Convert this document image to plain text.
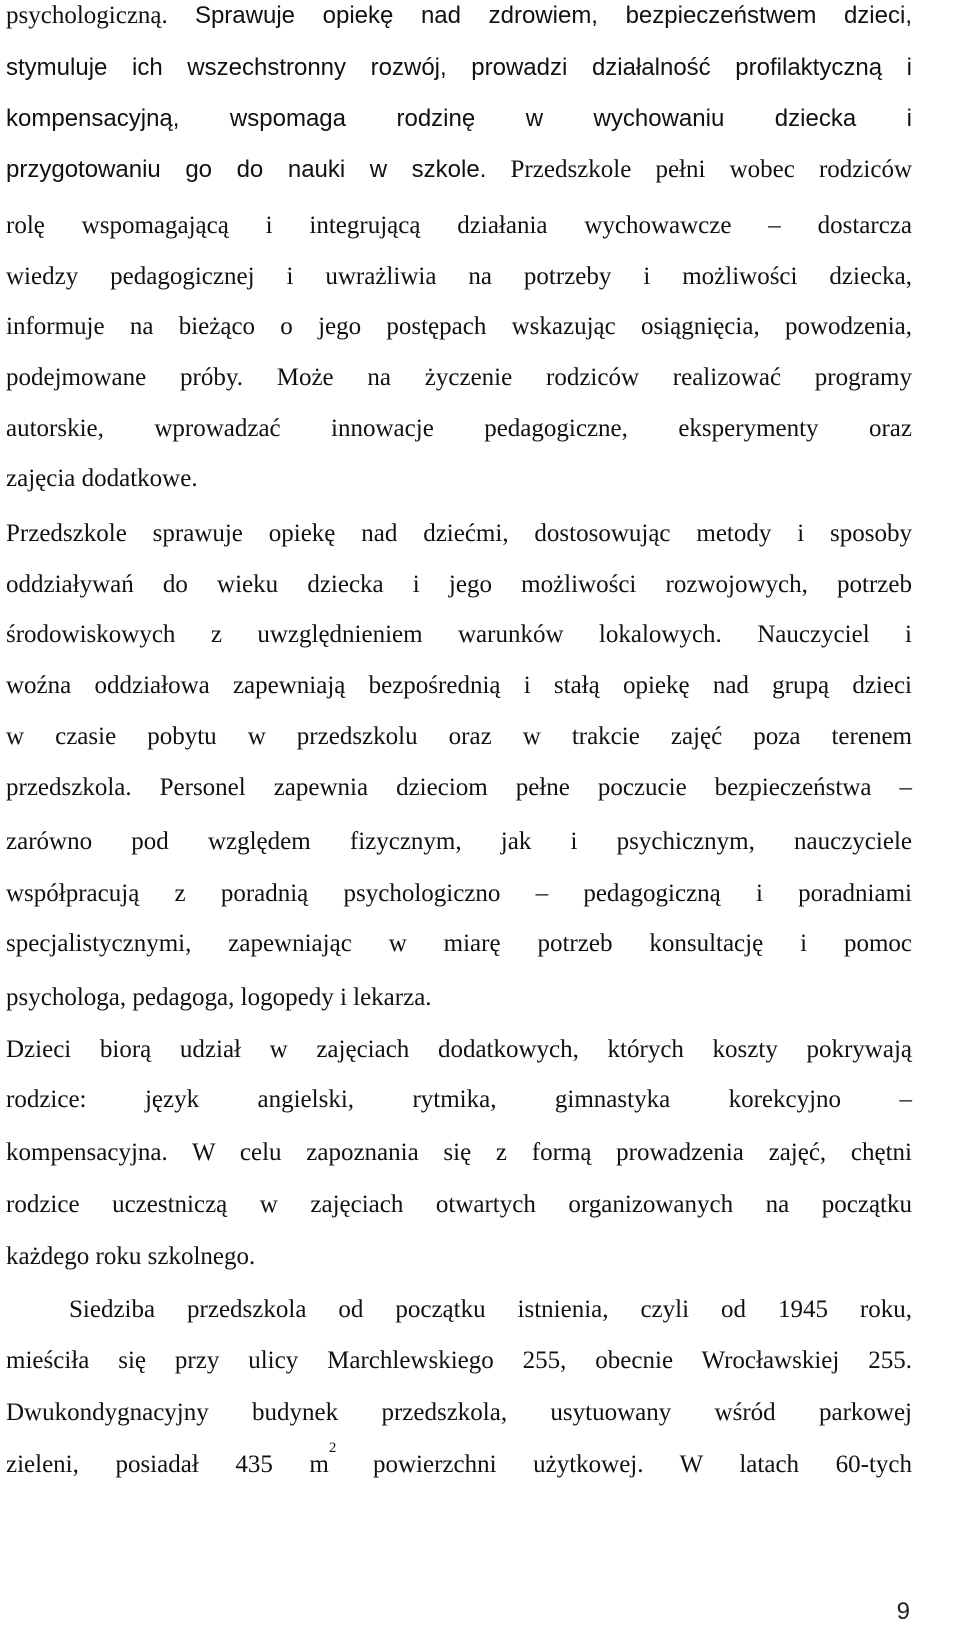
psychologiczną. Sprawuje opiekę nad zdrowiem, bezpieczeństwem dzieci,
stymuluje ich wszechstronny rozwój, prowadzi działalność profilaktyczną i
kompensacyjną, wspomaga rodzinę w wychowaniu dziecka i
przygotowaniu go do nauki w szkole. Przedszkole pełni wobec rodziców
rolę wspomagającą i integrującą działania wychowawcze – dostarcza
wiedzy pedagogicznej i uwrażliwia na potrzeby i możliwości dziecka,
informuje na bieżąco o jego postępach wskazując osiągnięcia, powodzenia,
podejmowane próby. Może na życzenie rodziców realizować programy
autorskie, wprowadzać innowacje pedagogiczne, eksperymenty oraz
zajęcia dodatkowe.
Przedszkole sprawuje opiekę nad dziećmi, dostosowując metody i sposoby
oddziaływań do wieku dziecka i jego możliwości rozwojowych, potrzeb
środowiskowych z uwzględnieniem warunków lokalowych. Nauczyciel i
woźna oddziałowa zapewniają bezpośrednią i stałą opiekę nad grupą dzieci
w czasie pobytu w przedszkolu oraz w trakcie zajęć poza terenem
przedszkola. Personel zapewnia dzieciom pełne poczucie bezpieczeństwa –
zarówno pod względem fizycznym, jak i psychicznym, nauczyciele
współpracują z poradnią psychologiczno – pedagogiczną i poradniami
specjalistycznymi, zapewniając w miarę potrzeb konsultację i pomoc
psychologa, pedagoga, logopedy i lekarza.
Dzieci biorą udział w zajęciach dodatkowych, których koszty pokrywają
rodzice: język angielski, rytmika, gimnastyka korekcyjno –
kompensacyjna. W celu zapoznania się z formą prowadzenia zajęć, chętni
rodzice uczestniczą w zajęciach otwartych organizowanych na początku
każdego roku szkolnego.
Siedziba przedszkola od początku istnienia, czyli od 1945 roku,
mieściła się przy ulicy Marchlewskiego 255, obecnie Wrocławskiej 255.
Dwukondygnacyjny budynek przedszkola, usytuowany wśród parkowej
zieleni, posiadał 435 $m^2$ powierzchni użytkowej. W latach 60-tych
9
